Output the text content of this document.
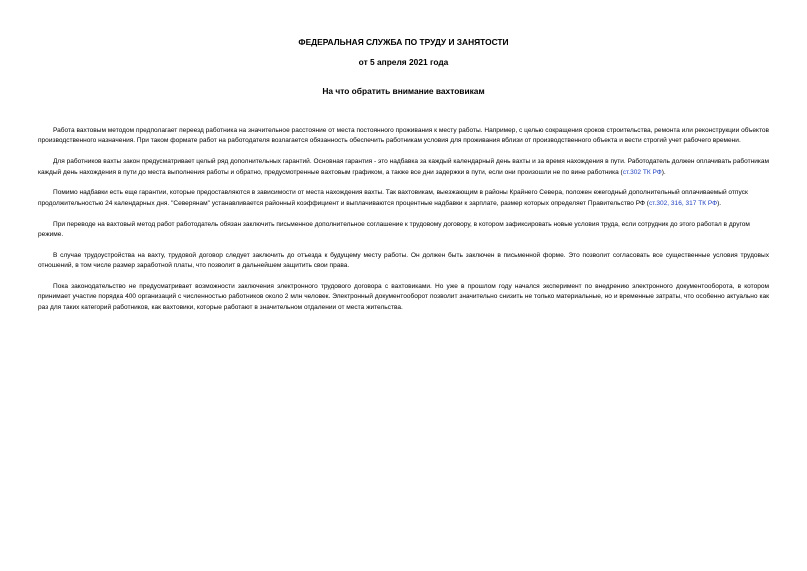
ФЕДЕРАЛЬНАЯ СЛУЖБА ПО ТРУДУ И ЗАНЯТОСТИ
от 5 апреля 2021 года
На что обратить внимание вахтовикам

Работа вахтовым методом предполагает переезд работника на значительное расстояние от места постоянного проживания к месту работы. Например, с целью сокращения сроков строительства, ремонта или реконструкции объектов производственного назначения. При таком формате работ на работодателя возлагается обязанность обеспечить работникам условия для проживания вблизи от производственного объекта и вести строгий учет рабочего времени.

Для работников вахты закон предусматривает целый ряд дополнительных гарантий. Основная гарантия - это надбавка за каждый календарный день вахты и за время нахождения в пути. Работодатель должен оплачивать работникам каждый день нахождения в пути до места выполнения работы и обратно, предусмотренные вахтовым графиком, а также все дни задержки в пути, если они произошли не по вине работника (ст.302 ТК РФ).

Помимо надбавки есть еще гарантии, которые предоставляются в зависимости от места нахождения вахты. Так вахтовикам, выезжающим в районы Крайнего Севера, положен ежегодный дополнительный оплачиваемый отпуск продолжительностью 24 календарных дня. "Северянам" устанавливается районный коэффициент и выплачиваются процентные надбавки к зарплате, размер которых определяет Правительство РФ (ст.302, 316, 317 ТК РФ).

При переводе на вахтовый метод работ работодатель обязан заключить письменное дополнительное соглашение к трудовому договору, в котором зафиксировать новые условия труда, если сотрудник до этого работал в другом режиме.

В случае трудоустройства на вахту, трудовой договор следует заключить до отъезда к будущему месту работы. Он должен быть заключен в письменной форме. Это позволит согласовать все существенные условия трудовых отношений, в том числе размер заработной платы, что позволит в дальнейшем защитить свои права.

Пока законодательство не предусматривает возможности заключения электронного трудового договора с вахтовиками. Но уже в прошлом году начался эксперимент по внедрению электронного документооборота, в котором принимает участие порядка 400 организаций с численностью работников около 2 млн человек. Электронный документооборот позволит значительно снизить не только материальные, но и временные затраты, что особенно актуально как раз для таких категорий работников, как вахтовики, которые работают в значительном отдалении от места жительства.
